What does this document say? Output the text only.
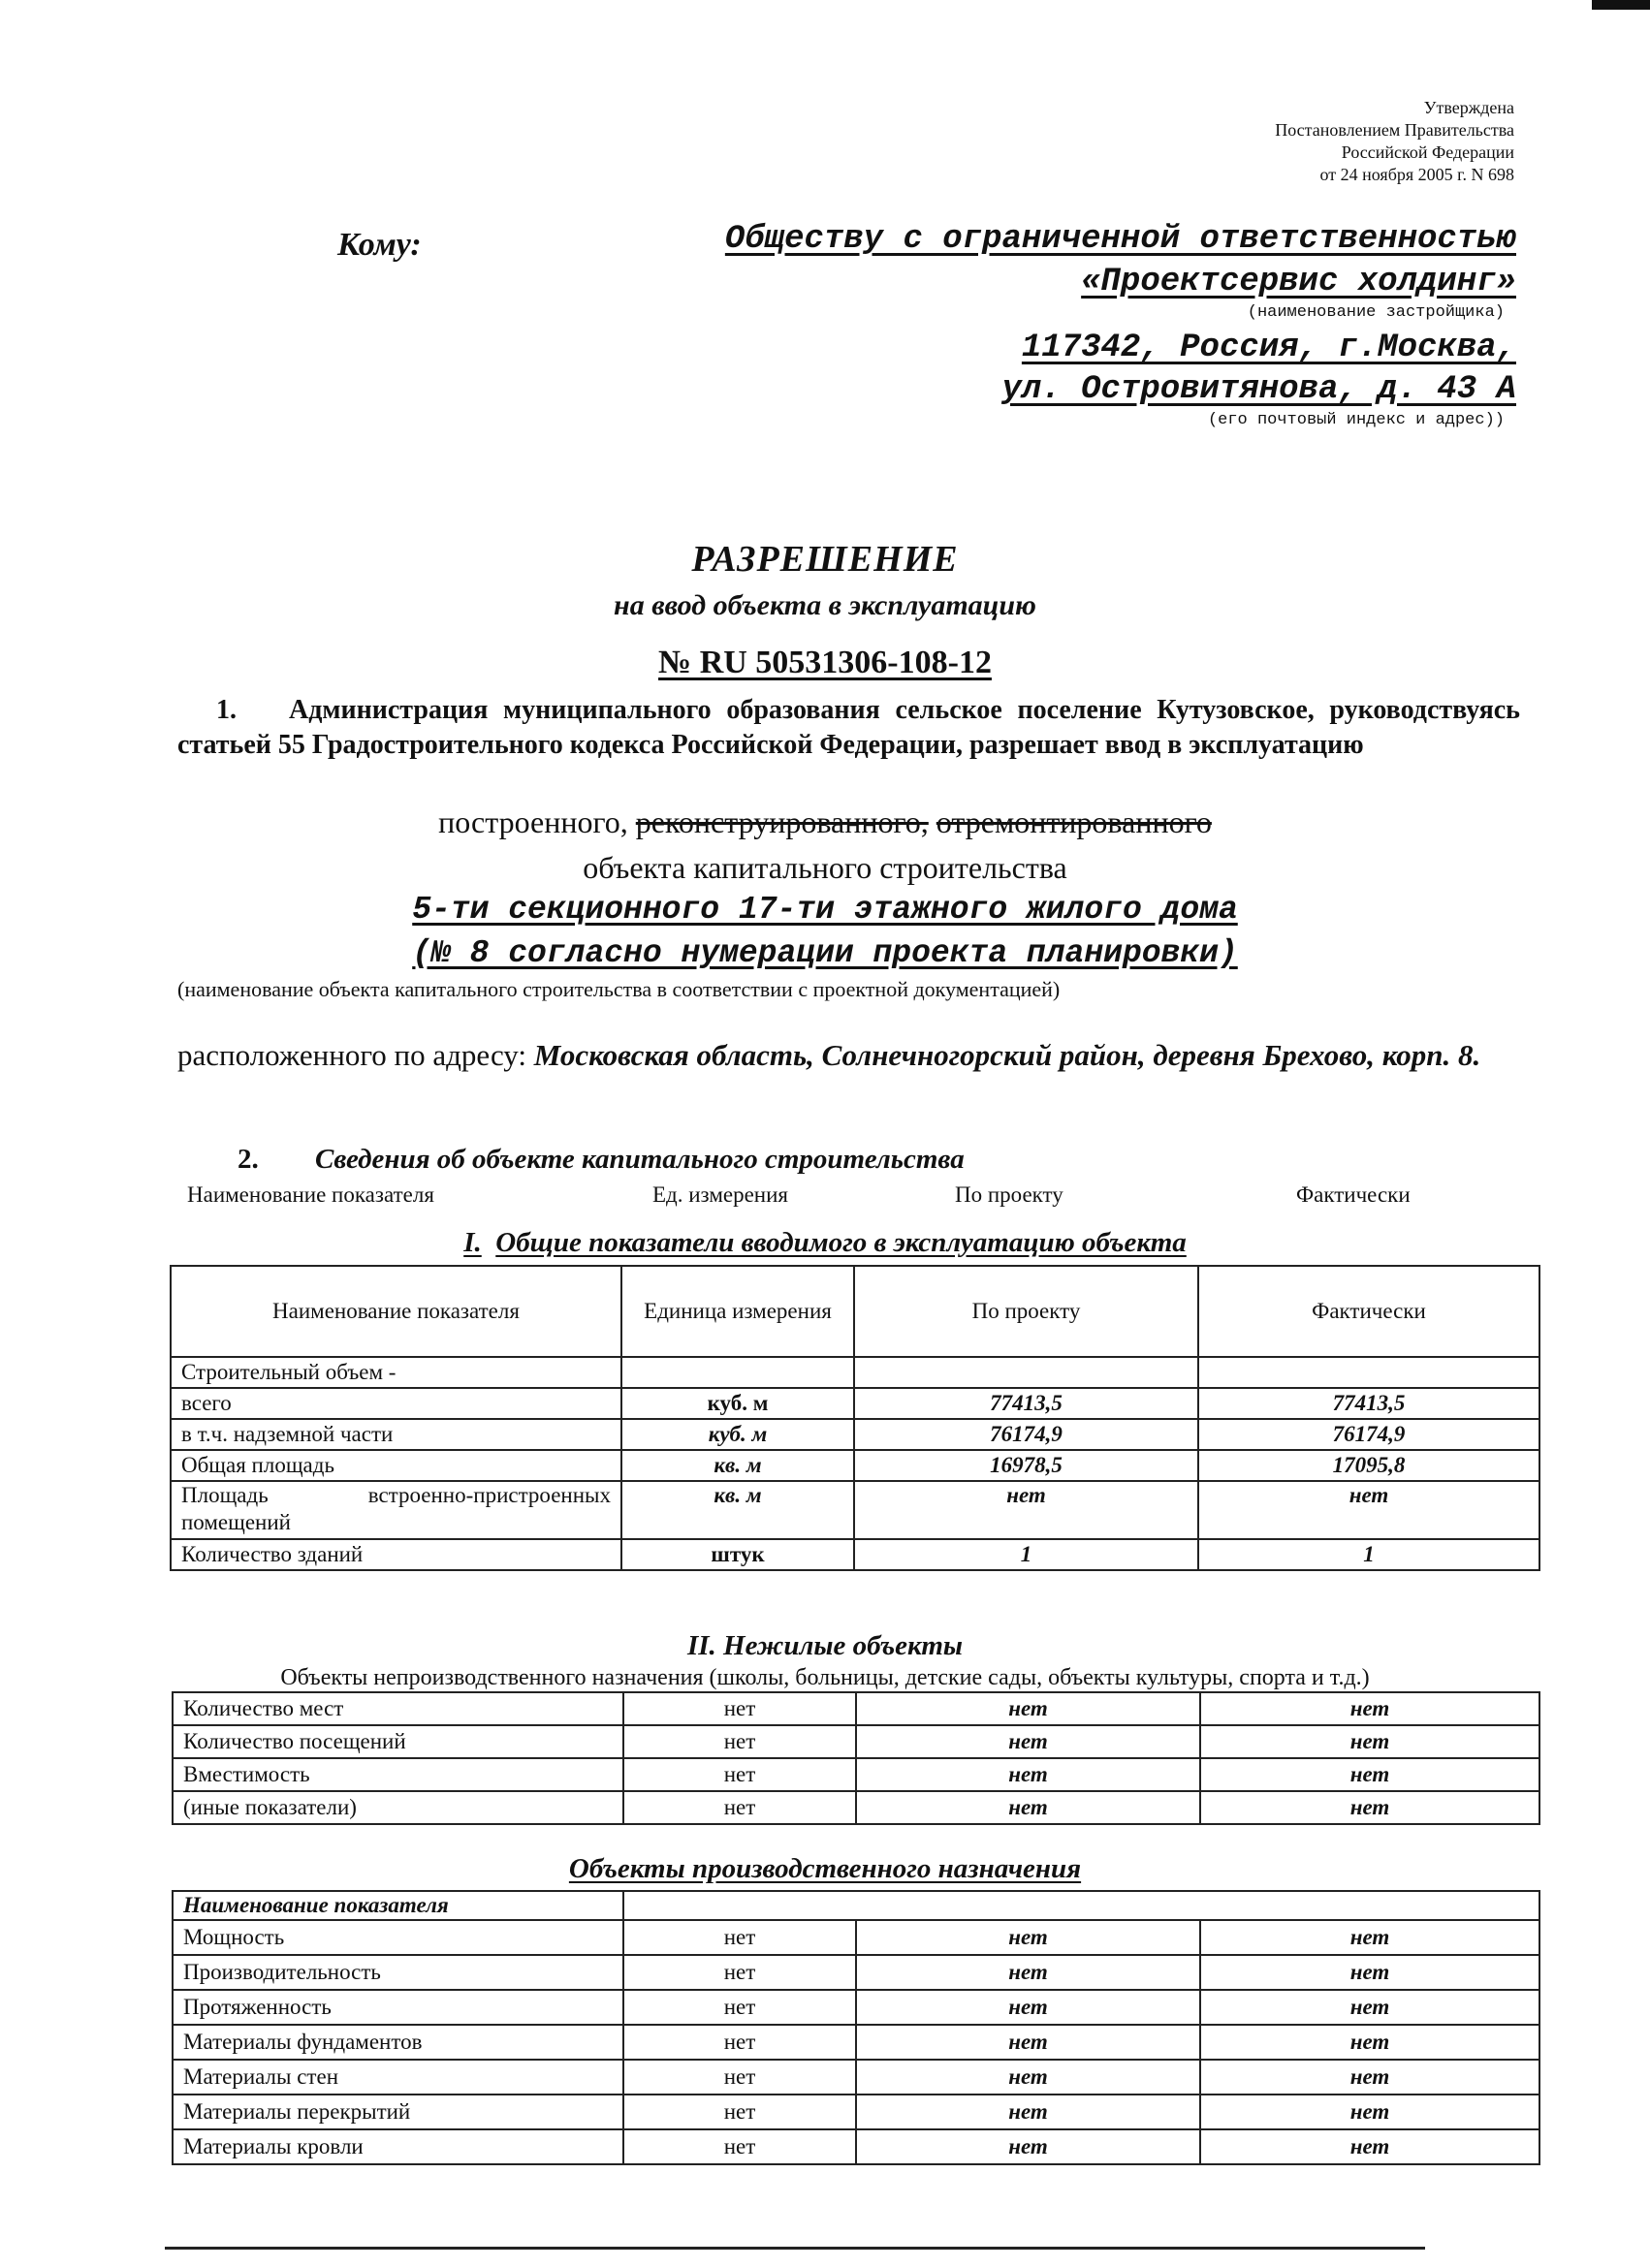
Утверждена
Постановлением Правительства
Российской Федерации
от 24 ноября 2005 г. N 698
Кому:	Обществу с ограниченной ответственностью
«Проектсервис холдинг»
(наименование застройщика)
117342, Россия, г.Москва,
ул. Островитянова, д. 43 А
(его почтовый индекс и адрес))
РАЗРЕШЕНИЕ
на ввод объекта в эксплуатацию
№ RU 50531306-108-12
1. Администрация муниципального образования сельское поселение Кутузовское, руководствуясь статьей 55 Градостроительного кодекса Российской Федерации, разрешает ввод в эксплуатацию
построенного, реконструированного, отремонтированного
объекта капитального строительства
5-ти секционного 17-ти этажного жилого дома
(№ 8 согласно нумерации проекта планировки)
(наименование объекта капитального строительства в соответствии с проектной документацией)
расположенного по адресу: Московская область, Солнечногорский район, деревня Брехово, корп. 8.
2. Сведения об объекте капитального строительства
Наименование показателя	Ед. измерения	По проекту	Фактически
I. Общие показатели вводимого в эксплуатацию объекта
Наименование показателя	Единица измерения	По проекту	Фактически
Строительный объем -			
всего	куб. м	77413,5	77413,5
в т.ч. надземной части	куб. м	76174,9	76174,9
Общая площадь	кв. м	16978,5	17095,8
Площадь встроенно-пристроенных помещений	кв. м	нет	нет
Количество зданий	штук	1	1
II. Нежилые объекты
Объекты непроизводственного назначения (школы, больницы, детские сады, объекты культуры, спорта и т.д.)
Количество мест	нет	нет	нет
Количество посещений	нет	нет	нет
Вместимость	нет	нет	нет
(иные показатели)	нет	нет	нет
Объекты производственного назначения
Наименование показателя			
Мощность	нет	нет	нет
Производительность	нет	нет	нет
Протяженность	нет	нет	нет
Материалы фундаментов	нет	нет	нет
Материалы стен	нет	нет	нет
Материалы перекрытий	нет	нет	нет
Материалы кровли	нет	нет	нет
